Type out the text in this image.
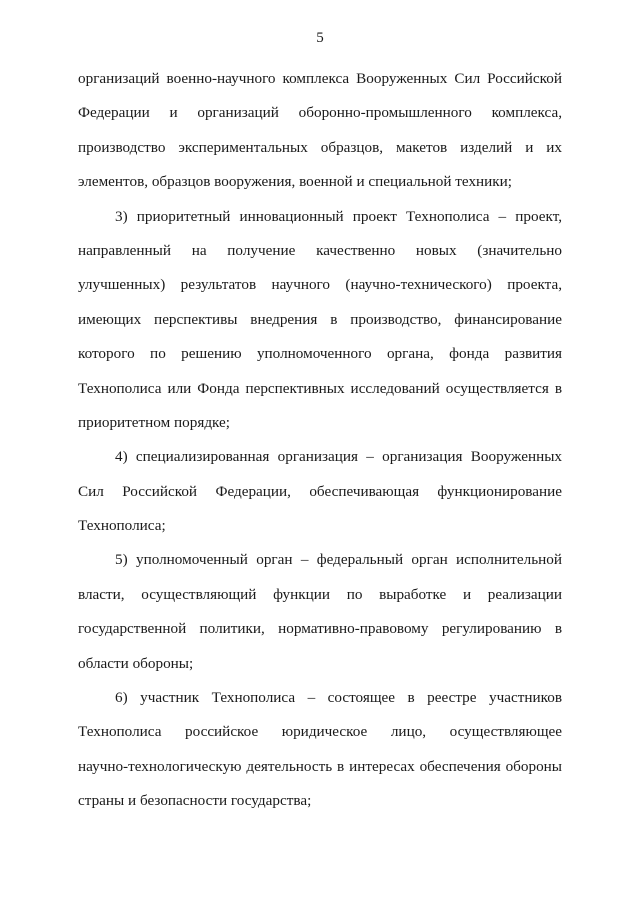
5
организаций военно-научного комплекса Вооруженных Сил Российской
Федерации и организаций оборонно-промышленного комплекса,
производство экспериментальных образцов, макетов изделий и их
элементов, образцов вооружения, военной и специальной техники;
3) приоритетный инновационный проект Технополиса – проект,
направленный на получение качественно новых (значительно
улучшенных) результатов научного (научно-технического) проекта,
имеющих перспективы внедрения в производство, финансирование
которого по решению уполномоченного органа, фонда развития
Технополиса или Фонда перспективных исследований осуществляется в
приоритетном порядке;
4) специализированная организация – организация Вооруженных
Сил Российской Федерации, обеспечивающая функционирование
Технополиса;
5) уполномоченный орган – федеральный орган исполнительной
власти, осуществляющий функции по выработке и реализации
государственной политики, нормативно-правовому регулированию в
области обороны;
6) участник Технополиса – состоящее в реестре участников
Технополиса российское юридическое лицо, осуществляющее
научно-технологическую деятельность в интересах обеспечения обороны
страны и безопасности государства;
